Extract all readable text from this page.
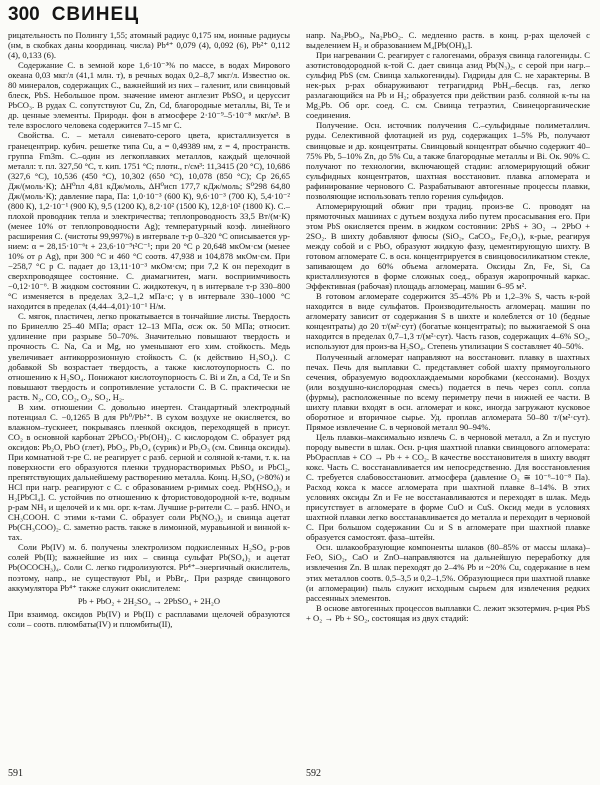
300 СВИНЕЦ

рицательность по Полингу 1,55; атомный радиус 0,175 нм, ионные радиусы (нм, в скобках даны координац. числа) Pb⁴⁺ 0,079 (4), 0,092 (6), Pb²⁺ 0,112 (4), 0,133 (6).

Содержание С. в земной коре 1,6·10⁻³% по массе, в водах Мирового океана 0,03 мкг/л (41,1 млн. т), в речных водах 0,2–8,7 мкг/л. Известно ок. 80 минералов, содержащих С., важнейший из них – галенит, или свинцовый блеск, PbS. Небольшое пром. значение имеют англезит PbSO₄ и церуссит PbCO₃. В рудах С. сопутствуют Cu, Zn, Cd, благородные металлы, Bi, Te и др. ценные элементы. Природн. фон в атмосфере 2·10⁻⁹–5·10⁻⁸ мкг/м³. В теле взрослого человека содержится 7–15 мг С.

Свойства. С. – металл синевато-серого цвета, кристаллизуется в гранецентрир. кубич. решетке типа Cu, a = 0,49389 нм, z = 4, пространств. группа Fm3m. С.–один из легкоплавких металлов, каждый щелочной металл: т. пл. 327,50 °С, т. кип. 1751 °С; плотн., г/см³: 11,3415 (20 °С), 10,686 (327,6 °С), 10,536 (450 °С), 10,302 (650 °С), 10,078 (850 °С); Cp 26,65 Дж/(моль·К); ΔH⁰пл 4,81 кДж/моль, ΔH⁰исп 177,7 кДж/моль; S⁰298 64,80 Дж/(моль·К); давление пара, Па: 1,0·10⁻³ (600 К), 9,6·10⁻³ (700 К), 5,4·10⁻² (800 К), 1,2·10⁻¹ (900 К), 9,5 (1200 К), 8,2·10² (1500 К), 12,8·10² (1800 К). С.–плохой проводник тепла и электричества; теплопроводность 33,5 Вт/(м·К) (менее 10% от теплопроводности Ag); температурный коэф. линейного расширения С. (чистоты 99,997%) в интервале т-р 0–320 °С описывается ур-нием: α = 28,15·10⁻⁶t + 23,6·10⁻⁹t²С⁻¹; при 20 °С ρ 20,648 мкОм·см (менее 10% от ρ Ag), при 300 °С и 460 °С соотв. 47,938 и 104,878 мкОм·см. При −258,7 °С р С. падает до 13,11·10⁻³ мкОм·см; при 7,2 К он переходит в сверхпроводящее состояние. С. диамагнитен, магн. восприимчивость −0,12·10⁻⁶. В жидком состоянии С. жидкотекуч, η в интервале т-р 330–800 °С изменяется в пределах 3,2–1,2 мПа·с; γ в интервале 330–1000 °С находится в пределах (4,44–4,01)·10⁻¹ Н/м.

С. мягок, пластичен, легко прокатывается в тончайшие листы. Твердость по Бринеллю 25–40 МПа; σраст 12–13 МПа, σсж ок. 50 МПа; относит. удлинение при разрыве 50–70%. Значительно повышают твердость и прочность С. Na, Ca и Mg, но уменьшают его хим. стойкость. Медь увеличивает антикоррозионную стойкость С. (к действию H₂SO₄). С добавкой Sb возрастает твердость, а также кислотоупорность С. по отношению к H₂SO₄. Понижают кислотоупорность С. Bi и Zn, а Cd, Te и Sn повышают твердость и сопротивление усталости С. В С. практически не раств. N₂, CO, CO₂, O₂, SO₂, H₂.

В хим. отношении С. довольно инертен. Стандартный электродный потенциал С. −0,1265 В для Pb⁰/Pb²⁺. В сухом воздухе не окисляется, во влажном–тускнеет, покрываясь пленкой оксидов, переходящей в присут. CO₂ в основной карбонат 2PbCO₃·Pb(OH)₂. С кислородом С. образует ряд оксидов: Pb₂O, PbO (глет), PbO₂, Pb₃O₄ (сурик) и Pb₂O₃ (см. Свинца оксиды). При комнатной т-ре С. не реагирует с разб. серной и соляной к-тами, т. к. на поверхности его образуются пленки труднорастворимых PbSO₄ и PbCl₂, препятствующих дальнейшему растворению металла. Конц. H₂SO₄ (>80%) и HCl при нагр. реагируют с С. с образованием р-римых соед. Pb(HSO₄)₂ и H₂[PbCl₄]. С. устойчив по отношению к фтористоводородной к-те, водным р-рам NH₃ и щелочей и к мн. орг. к-там. Лучшие р-рители С. – разб. HNO₃ и CH₃COOH. С этими к-тами С. образует соли Pb(NO₃)₂ и свинца ацетат Pb(CH₃COO)₂. С. заметно раств. также в лимонной, муравьиной и винной к-тах.

Соли Pb(IV) м. б. получены электролизом подкисленных H₂SO₄ р-ров солей Pb(II); важнейшие из них – свинца сульфат Pb(SO₄)₂ и ацетат Pb(OCOCH₃)₄. Соли С. легко гидролизуются. Pb⁴⁺–энергичный окислитель, поэтому, напр., не существуют PbI₄ и PbBr₄. При разряде свинцового аккумулятора Pb⁴⁺ также служит окислителем:

Pb + PbO₂ + 2H₂SO₄ → 2PbSO₄ + 2H₂O

При взаимод. оксидов Pb(IV) и Pb(II) с расплавами щелочей образуются соли – соотв. плюмбаты(IV) и плюмбиты(II),

напр. Na₂PbO₃, Na₂PbO₂. С. медленно раств. в конц. р-рах щелочей с выделением H₂ и образованием M₄[Pb(OH)₆].

При нагревании С. реагирует с галогенами, образуя свинца галогениды. С азотистоводородной к-той С. дает свинца азид Pb(N₃)₂, с серой при нагр.–сульфид PbS (см. Свинца халькогениды). Гидриды для С. не характерны. В нек-рых р-рах обнаруживают тетрагидрид PbH₄–бесцв. газ, легко разлагающийся на Pb и H₂; образуется при действии разб. соляной к-ты на Mg₂Pb. Об орг. соед. С. см. Свинца тетраэтил, Свинецорганические соединения.

Получение. Осн. источник получения С.–сульфидные полиметаллич. руды. Селективной флотацией из руд, содержащих 1–5% Pb, получают свинцовые и др. концентраты. Свинцовый концентрат обычно содержит 40–75% Pb, 5–10% Zn, до 5% Cu, а также благородные металлы и Bi. Ок. 90% С. получают по технологии, включающей стадии: агломерирующий обжиг сульфидных концентратов, шахтная восстановит. плавка агломерата и рафинирование чернового С. Разрабатывают автогенные процессы плавки, позволяющие использовать тепло горения сульфидов.

Агломерирующий обжиг при традиц. произ-ве С. проводят на прямоточных машинах с дутьем воздуха либо путем просасывания его. При этом PbS окисляется преим. в жидком состоянии: 2PbS + 3O₂ → 2PbO + 2SO₂. В шихту добавляют флюсы (SiO₂, CaCO₃, Fe₂O₃), к-рые, реагируя между собой и с PbO, образуют жидкую фазу, цементирующую шихту. В готовом агломерате С. в осн. концентрируется в свинцовосиликатном стекле, запивающем до 60% объема агломерата. Оксиды Zn, Fe, Si, Ca кристаллизуются в форме сложных соед., образуя жаропрочный каркас. Эффективная (рабочая) площадь агломерац. машин 6–95 м².

В готовом агломерате содержится 35–45% Pb и 1,2–3% S, часть к-рой находится в виде сульфатов. Производительность агломерац. машин по агломерату зависит от содержания S в шихте и колеблется от 10 (бедные концентраты) до 20 т/(м²·сут) (богатые концентраты); по выжигаемой S она находится в пределах 0,7–1,3 т/(м²·сут). Часть газов, содержащих 4–6% SO₂, используют для произ-ва H₂SO₄. Степень утилизации S составляет 40–50%.

Полученный агломерат направляют на восстановит. плавку в шахтных печах. Печь для выплавки С. представляет собой шахту прямоугольного сечения, образуемую водоохлаждаемыми коробками (кессонами). Воздух (или воздушно-кислородная смесь) подается в печь через сопл. сопла (фурмы), расположенные по всему периметру печи в нижней ее части. В шихту плавки входят в осн. агломерат и кокс, иногда загружают кусковое оборотное и вторичное сырье. Уд. проплав агломерата 50–80 т/(м²·сут). Прямое извлечение С. в черновой металл 90–94%.

Цель плавки–максимально извлечь С. в черновой металл, а Zn и пустую породу вывести в шлак. Осн. р-ция шахтной плавки свинцового агломерата: PbOрасплав + CO → Pb + + CO₂. В качестве восстановителя в шихту вводят кокс. Часть С. восстанавливается им непосредственно. Для восстановления С. требуется слабовосстановит. атмосфера (давление O₂ ≅ 10⁻⁶–10⁻⁸ Па). Расход кокса к массе агломерата при шахтной плавке 8–14%. В этих условиях оксиды Zn и Fe не восстанавливаются и переходят в шлак. Медь присутствует в агломерате в форме CuO и CuS. Оксид меди в условиях шахтной плавки легко восстанавливается до металла и переходит в черновой С. При большом содержании Cu и S в агломерате при шахтной плавке образуется самостоят. фаза–штейн.

Осн. шлакообразующие компоненты шлаков (80–85% от массы шлака)–FeO, SiO₂, CaO и ZnO–направляются на дальнейшую переработку для извлечения Zn. В шлак переходят до 2–4% Pb и ~20% Cu, содержание в нем этих металлов соотв. 0,5–3,5 и 0,2–1,5%. Образующиеся при шахтной плавке (и агломерации) пыль служит исходным сырьем для извлечения редких рассеянных элементов.

В основе автогенных процессов выплавки С. лежит экзотермич. р-ция PbS + O₂ → Pb + SO₂, состоящая из двух стадий:

591	592
